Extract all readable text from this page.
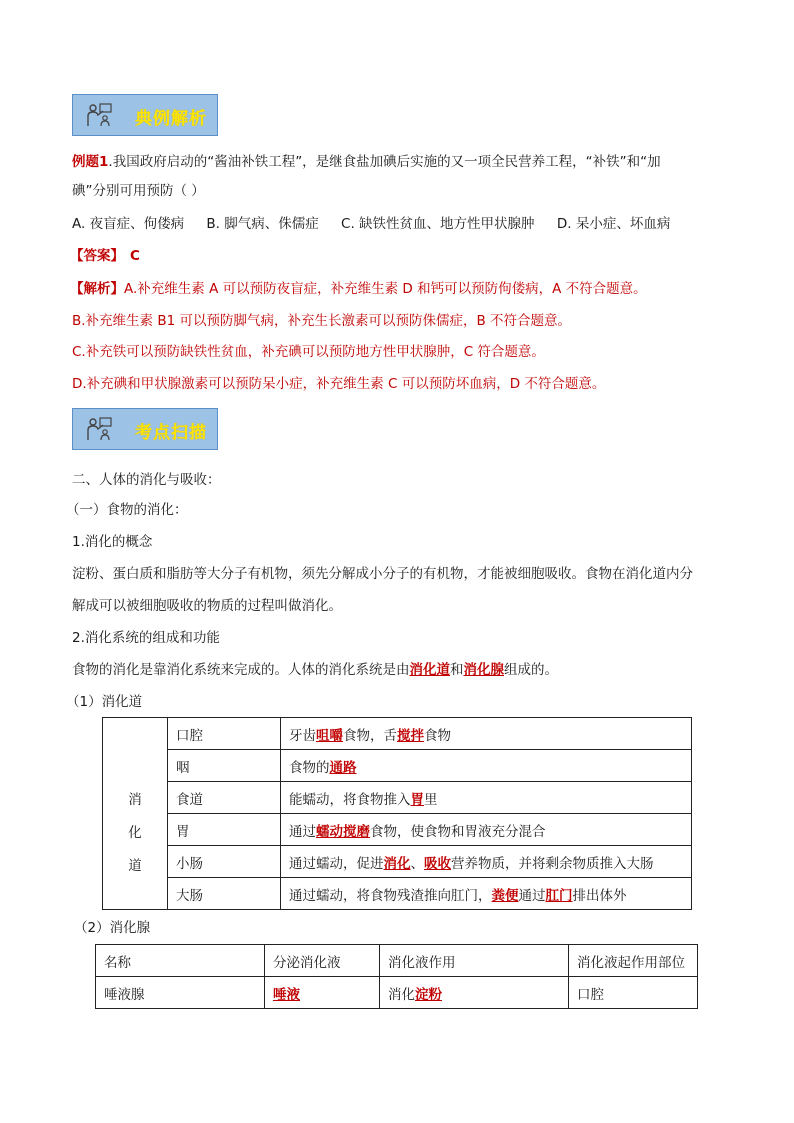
典例解析
例题1.我国政府启动的“酱油补铁工程”，是继食盐加碘后实施的又一项全民营养工程，“补铁”和“加
碘”分别可用预防（ ）
A. 夜盲症、佝偻病 B. 脚气病、侏儒症 C. 缺铁性贫血、地方性甲状腺肿 D. 呆小症、坏血病
【答案】 C
【解析】A.补充维生素 A 可以预防夜盲症，补充维生素 D 和钙可以预防佝偻病，A 不符合题意。
B.补充维生素 B1 可以预防脚气病，补充生长激素可以预防侏儒症，B 不符合题意。
C.补充铁可以预防缺铁性贫血，补充碘可以预防地方性甲状腺肿，C 符合题意。
D.补充碘和甲状腺激素可以预防呆小症，补充维生素 C 可以预防坏血病，D 不符合题意。
考点扫描
二、人体的消化与吸收：
（一）食物的消化：
1.消化的概念
淀粉、蛋白质和脂肪等大分子有机物，须先分解成小分子的有机物，才能被细胞吸收。食物在消化道内分
解成可以被细胞吸收的物质的过程叫做消化。
2.消化系统的组成和功能
食物的消化是靠消化系统来完成的。人体的消化系统是由消化道和消化腺组成的。
（1）消化道
消
化
道	口腔	牙齿咀嚼食物，舌搅拌食物
	咽	食物的通路
	食道	能蠕动，将食物推入胃里
	胃	通过蠕动搅磨食物，使食物和胃液充分混合
	小肠	通过蠕动，促进消化、吸收营养物质，并将剩余物质推入大肠
	大肠	通过蠕动，将食物残渣推向肛门，粪便通过肛门排出体外
（2）消化腺
名称	分泌消化液	消化液作用	消化液起作用部位
唾液腺	唾液	消化淀粉	口腔
